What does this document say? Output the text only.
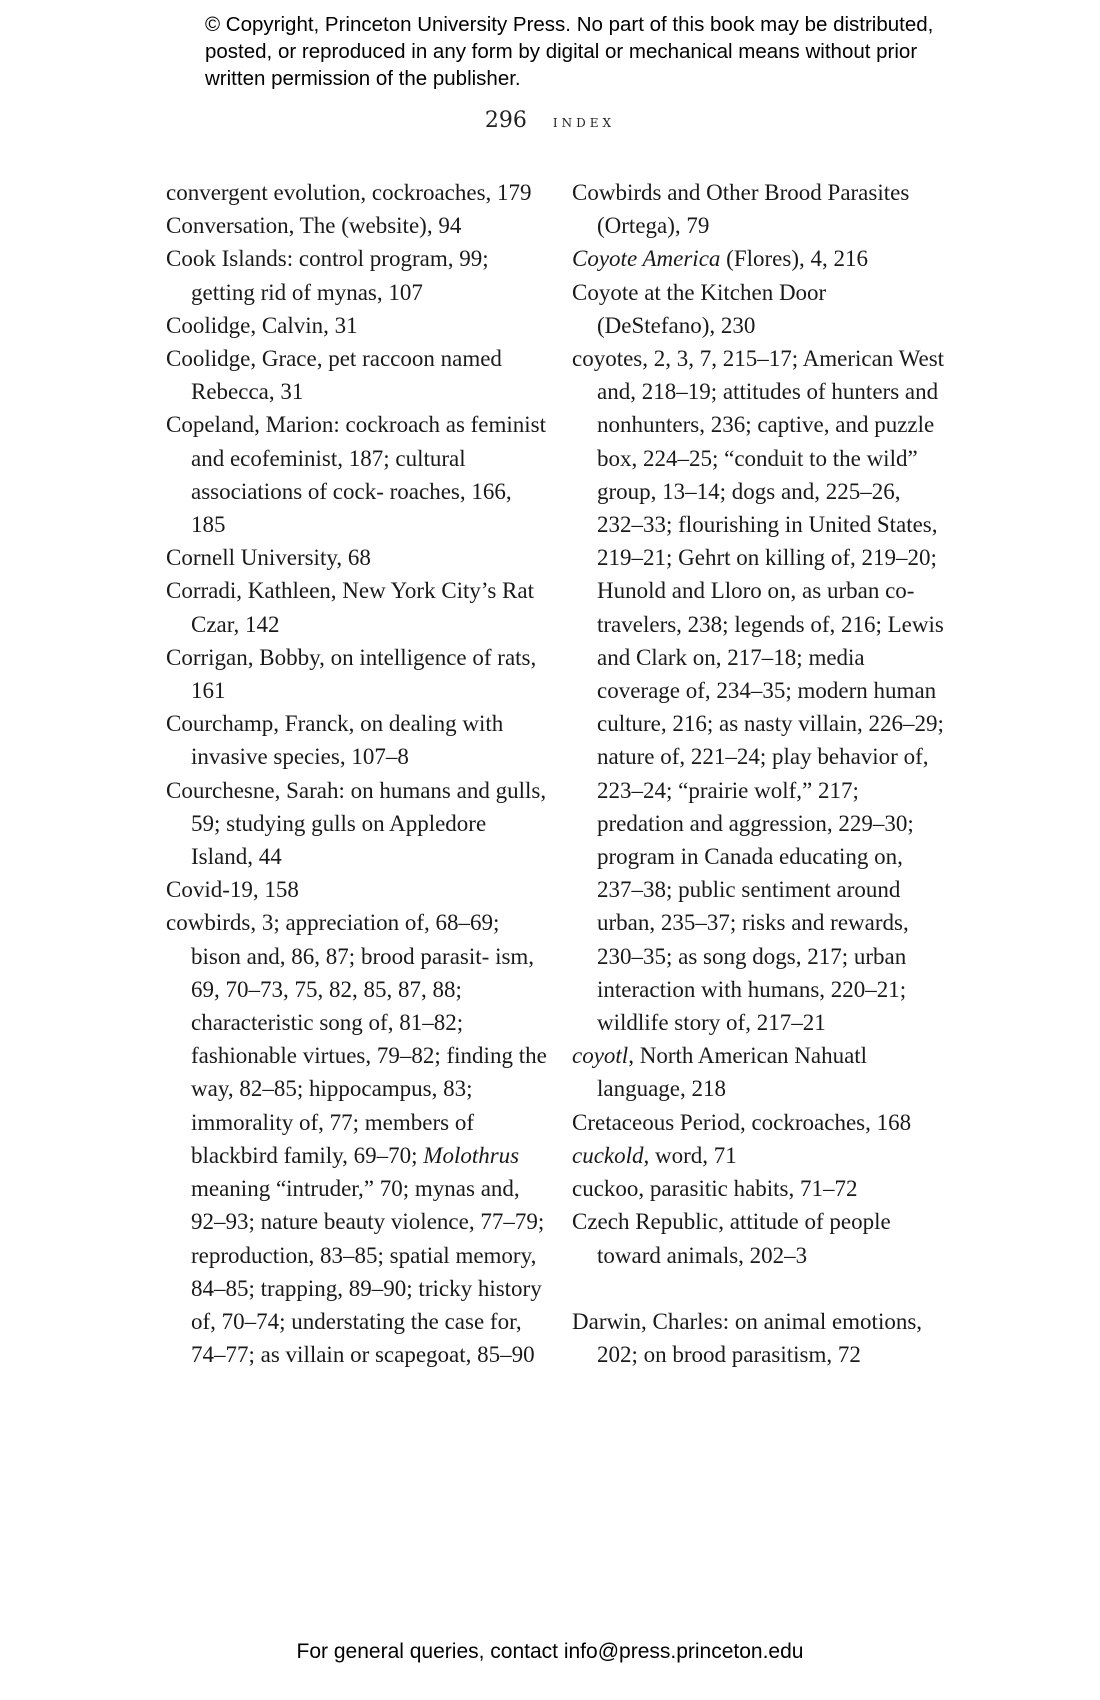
© Copyright, Princeton University Press. No part of this book may be distributed, posted, or reproduced in any form by digital or mechanical means without prior written permission of the publisher.
296 index

convergent evolution, cockroaches, 179

Conversation, The (website), 94

Cook Islands: control program, 99; getting rid of mynas, 107

Coolidge, Calvin, 31

Coolidge, Grace, pet raccoon named Rebecca, 31

Copeland, Marion: cockroach as feminist and ecofeminist, 187; cultural associations of cock- roaches, 166, 185

Cornell University, 68

Corradi, Kathleen, New York City’s Rat Czar, 142

Corrigan, Bobby, on intelligence of rats, 161

Courchamp, Franck, on dealing with invasive species, 107–8

Courchesne, Sarah: on humans and gulls, 59; studying gulls on Appledore Island, 44

Covid-19, 158

cowbirds, 3; appreciation of, 68–69; bison and, 86, 87; brood parasit- ism, 69, 70–73, 75, 82, 85, 87, 88; characteristic song of, 81–82; fashionable virtues, 79–82; finding the way, 82–85; hippocampus, 83; immorality of, 77; members of blackbird family, 69–70; Molothrus meaning “intruder,” 70; mynas and, 92–93; nature beauty violence, 77–79; reproduction, 83–85; spatial memory, 84–85; trapping, 89–90; tricky history of, 70–74; understating the case for, 74–77; as villain or scapegoat, 85–90

Cowbirds and Other Brood Parasites (Ortega), 79

Coyote America (Flores), 4, 216

Coyote at the Kitchen Door (DeStefano), 230

coyotes, 2, 3, 7, 215–17; American West and, 218–19; attitudes of hunters and nonhunters, 236; captive, and puzzle box, 224–25; “conduit to the wild” group, 13–14; dogs and, 225–26, 232–33; flourishing in United States, 219–21; Gehrt on killing of, 219–20; Hunold and Lloro on, as urban co-travelers, 238; legends of, 216; Lewis and Clark on, 217–18; media coverage of, 234–35; modern human culture, 216; as nasty villain, 226–29; nature of, 221–24; play behavior of, 223–24; “prairie wolf,” 217; predation and aggression, 229–30; program in Canada educating on, 237–38; public sentiment around urban, 235–37; risks and rewards, 230–35; as song dogs, 217; urban interaction with humans, 220–21; wildlife story of, 217–21

coyotl, North American Nahuatl language, 218

Cretaceous Period, cockroaches, 168

cuckold, word, 71

cuckoo, parasitic habits, 71–72

Czech Republic, attitude of people toward animals, 202–3

Darwin, Charles: on animal emotions, 202; on brood parasitism, 72

For general queries, contact info@press.princeton.edu
